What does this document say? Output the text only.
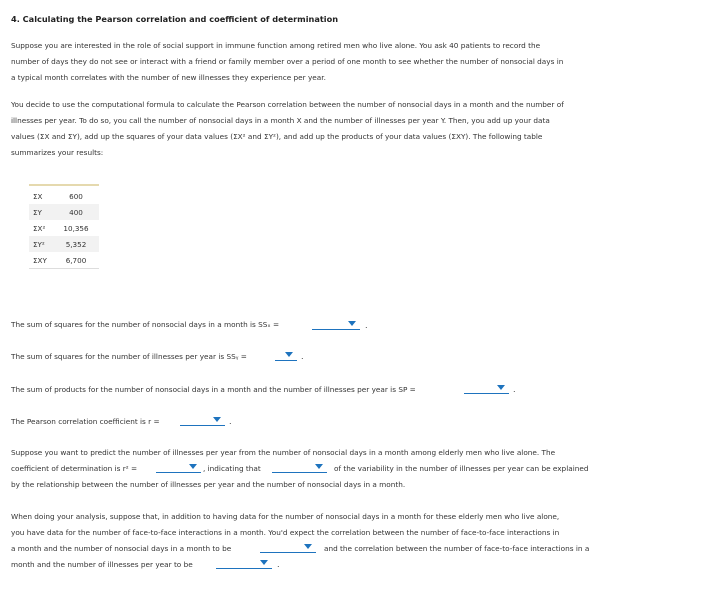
4. Calculating the Pearson correlation and coefficient of determination
Suppose you are interested in the role of social support in immune function among retired men who live alone. You ask 40 patients to record the
number of days they do not see or interact with a friend or family member over a period of one month to see whether the number of nonsocial days in
a typical month correlates with the number of new illnesses they experience per year.
You decide to use the computational formula to calculate the Pearson correlation between the number of nonsocial days in a month and the number of
illnesses per year. To do so, you call the number of nonsocial days in a month X and the number of illnesses per year Y. Then, you add up your data
values (ΣX and ΣY), add up the squares of your data values (ΣX² and ΣY²), and add up the products of your data values (ΣXY). The following table
summarizes your results:
ΣX	600
ΣY	400
ΣX²	10,356
ΣY²	5,352
ΣXY	6,700
The sum of squares for the number of nonsocial days in a month is SSₓ =	.
The sum of squares for the number of illnesses per year is SSᵧ =	.
The sum of products for the number of nonsocial days in a month and the number of illnesses per year is SP =	.
The Pearson correlation coefficient is r =	.
Suppose you want to predict the number of illnesses per year from the number of nonsocial days in a month among elderly men who live alone. The
coefficient of determination is r² =	, indicating that	of the variability in the number of illnesses per year can be explained
by the relationship between the number of illnesses per year and the number of nonsocial days in a month.
When doing your analysis, suppose that, in addition to having data for the number of nonsocial days in a month for these elderly men who live alone,
you have data for the number of face-to-face interactions in a month. You'd expect the correlation between the number of face-to-face interactions in
a month and the number of nonsocial days in a month to be	and the correlation between the number of face-to-face interactions in a
month and the number of illnesses per year to be	.
